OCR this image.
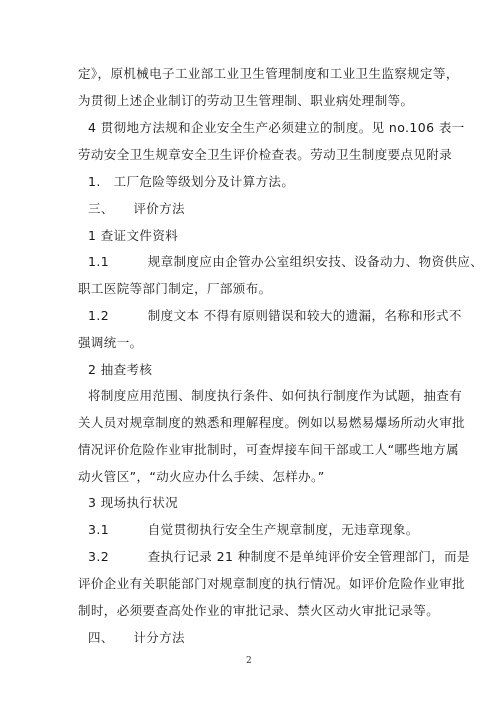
定》，原机械电子工业部工业卫生管理制度和工业卫生监察规定等，
为贯彻上述企业制订的劳动卫生管理制、职业病处理制等。
4 贯彻地方法规和企业安全生产必须建立的制度。见 no.106 表一
劳动安全卫生规章安全卫生评价检查表。劳动卫生制度要点见附录
1.　工厂危险等级划分及计算方法。
三、　　评价方法
1 查证文件资料
1.1　　　规章制度应由企管办公室组织安技、设备动力、物资供应、
职工医院等部门制定，厂部颁布。
1.2　　　制度文本 不得有原则错误和较大的遗漏，名称和形式不
强调统一。
2 抽查考核
将制度应用范围、制度执行条件、如何执行制度作为试题，抽查有
关人员对规章制度的熟悉和理解程度。例如以易燃易爆场所动火审批
情况评价危险作业审批制时，可查焊接车间干部或工人“哪些地方属
动火管区”，“动火应办什么手续、怎样办。”
3 现场执行状况
3.1　　　自觉贯彻执行安全生产规章制度，无违章现象。
3.2　　　查执行记录 21 种制度不是单纯评价安全管理部门，而是
评价企业有关职能部门对规章制度的执行情况。如评价危险作业审批
制时，必须要查高处作业的审批记录、禁火区动火审批记录等。
四、　　计分方法
2
